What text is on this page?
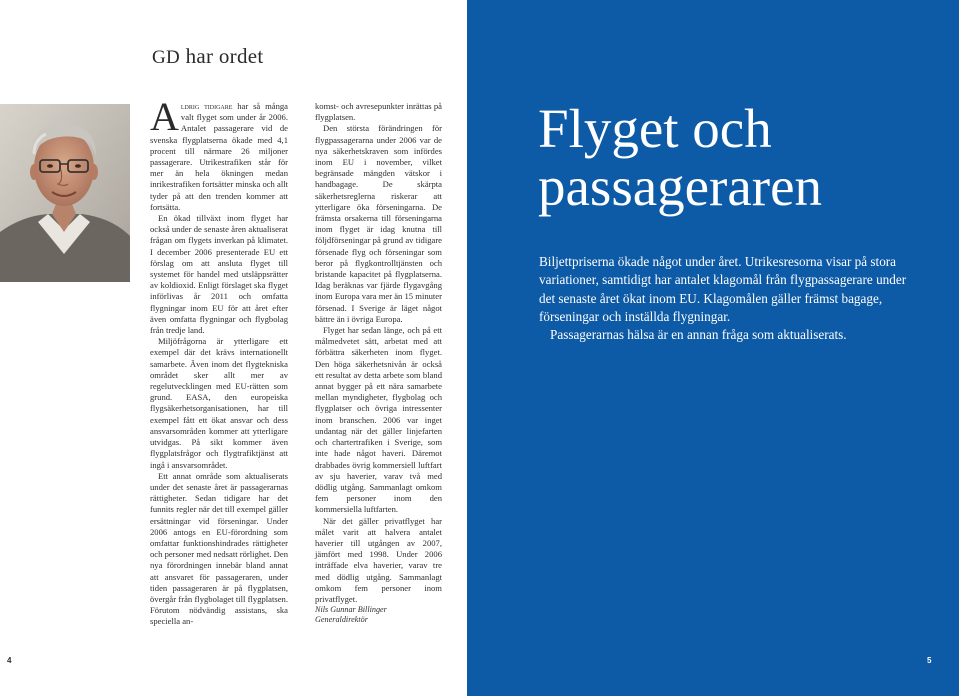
GD har ordet

Aldrig tidigare har så många valt flyget som under år 2006. Antalet passagerare vid de svenska flygplatserna ökade med 4,1 procent till närmare 26 miljoner passagerare. Utrikestrafiken står för mer än hela ökningen medan inrikestrafiken fortsätter minska och allt tyder på att den trenden kommer att fortsätta.

En ökad tillväxt inom flyget har också under de senaste åren aktualiserat frågan om flygets inverkan på klimatet. I december 2006 presenterade EU ett förslag om att ansluta flyget till systemet för handel med utsläppsrätter av koldioxid. Enligt förslaget ska flyget införlivas år 2011 och omfatta flygningar inom EU för att året efter även omfatta flygningar och flygbolag från tredje land.

Miljöfrågorna är ytterligare ett exempel där det krävs internationellt samarbete. Även inom det flygtekniska området sker allt mer av regelutvecklingen med EU-rätten som grund. EASA, den europeiska flygsäkerhetsorganisationen, har till exempel fått ett ökat ansvar och dess ansvarsområden kommer att ytterligare utvidgas. På sikt kommer även flygplatsfrågor och flygtrafiktjänst att ingå i ansvarsområdet.

Ett annat område som aktualiserats under det senaste året är passagerarnas rättigheter. Sedan tidigare har det funnits regler när det till exempel gäller ersättningar vid förseningar. Under 2006 antogs en EU-förordning som omfattar funktionshindrades rättigheter och personer med nedsatt rörlighet. Den nya förordningen innebär bland annat att ansvaret för passageraren, under tiden passageraren är på flygplatsen, övergår från flygbolaget till flygplatsen. Förutom nödvändig assistans, ska speciella an-

komst- och avresepunkter inrättas på flygplatsen.

Den största förändringen för flygpassagerarna under 2006 var de nya säkerhetskraven som infördes inom EU i november, vilket begränsade mängden vätskor i handbagage. De skärpta säkerhetsreglerna riskerar att ytterligare öka förseningarna. De främsta orsakerna till förseningarna inom flyget är idag knutna till följdförseningar på grund av tidigare försenade flyg och förseningar som beror på flygkontrolltjänsten och bristande kapacitet på flygplatserna. Idag beräknas var fjärde flygavgång inom Europa vara mer än 15 minuter försenad. I Sverige är läget något bättre än i övriga Europa.

Flyget har sedan länge, och på ett målmedvetet sätt, arbetat med att förbättra säkerheten inom flyget. Den höga säkerhetsnivån är också ett resultat av detta arbete som bland annat bygger på ett nära samarbete mellan myndigheter, flygbolag och flygplatser och övriga intressenter inom branschen. 2006 var inget undantag när det gäller linjefarten och chartertrafiken i Sverige, som inte hade något haveri. Däremot drabbades övrig kommersiell luftfart av sju haverier, varav två med dödlig utgång. Sammanlagt omkom fem personer inom den kommersiella luftfarten.

När det gäller privatflyget har målet varit att halvera antalet haverier till utgången av 2007, jämfört med 1998. Under 2006 inträffade elva haverier, varav tre med dödlig utgång. Sammanlagt omkom fem personer inom privatflyget.

Nils Gunnar Billinger
Generaldirektör

4
Flyget och
passageraren

Biljettpriserna ökade något under året. Utrikesresorna visar på stora variationer, samtidigt har antalet klagomål från flygpassagerare under det senaste året ökat inom EU. Klagomålen gäller främst bagage, förseningar och inställda flygningar.

Passagerarnas hälsa är en annan fråga som aktualiserats.

5
